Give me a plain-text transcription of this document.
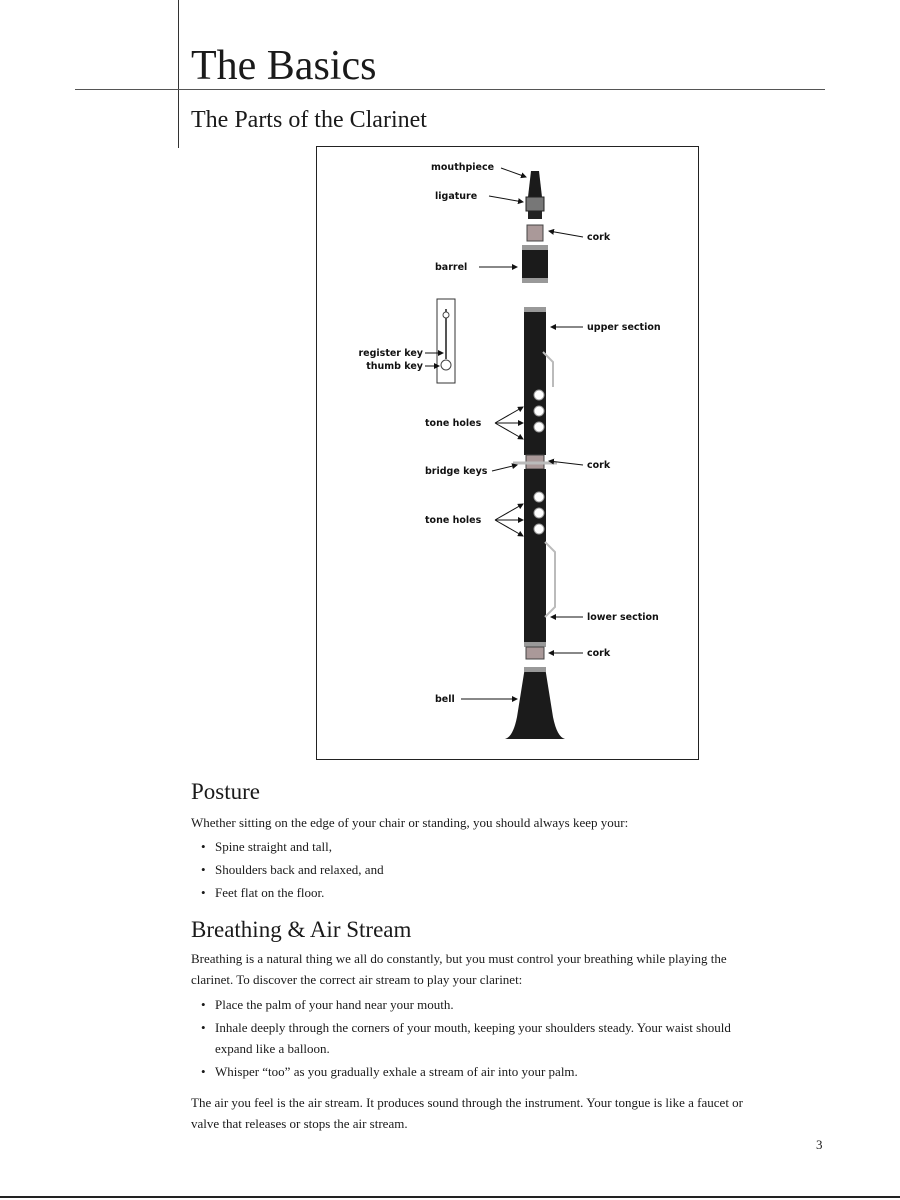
The Basics
The Parts of the Clarinet
mouthpiece
ligature
cork
barrel
upper section
register key
thumb key
tone holes
cork
bridge keys
tone holes
lower section
cork
bell
Posture

Whether sitting on the edge of your chair or standing, you should always keep your:

• Spine straight and tall,
• Shoulders back and relaxed, and
• Feet flat on the floor.
Breathing & Air Stream

Breathing is a natural thing we all do constantly, but you must control your breathing while playing the clarinet. To discover the correct air stream to play your clarinet:

• Place the palm of your hand near your mouth.
• Inhale deeply through the corners of your mouth, keeping your shoulders steady. Your waist should expand like a balloon.
• Whisper “too” as you gradually exhale a stream of air into your palm.

The air you feel is the air stream. It produces sound through the instrument. Your tongue is like a faucet or valve that releases or stops the air stream.

3
